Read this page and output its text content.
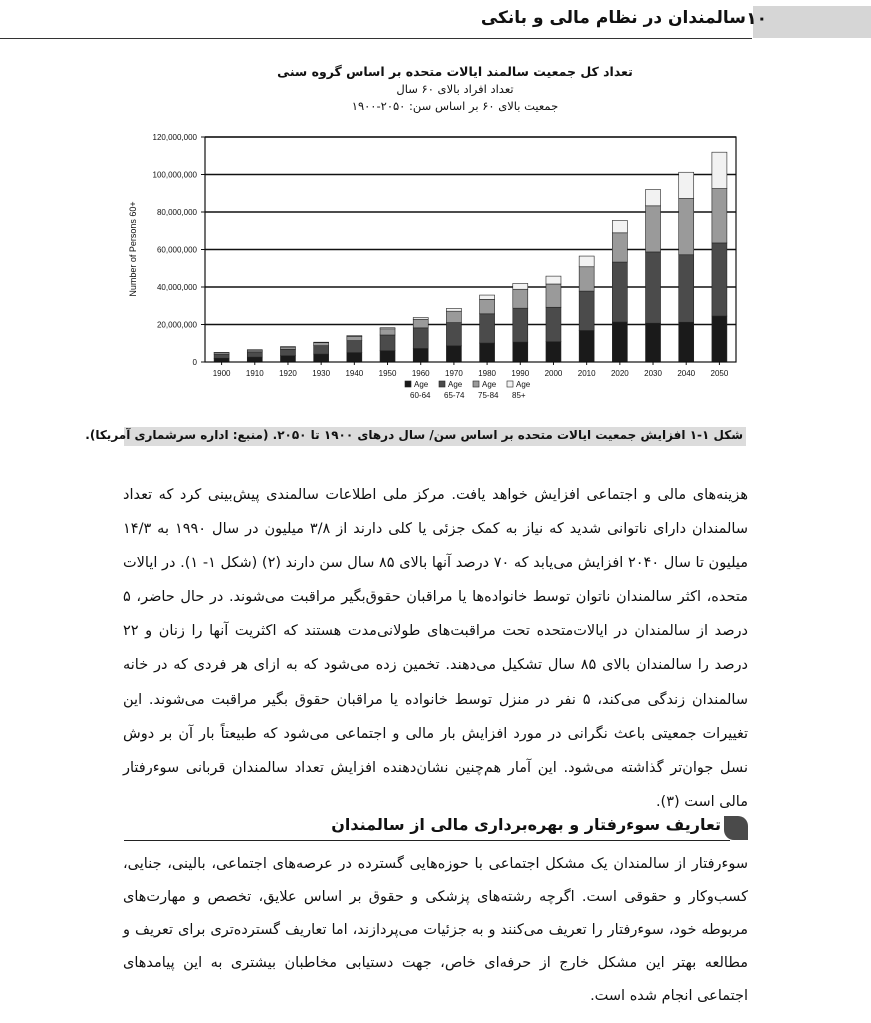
۱۰
سالمندان در نظام مالی و بانکی
تعداد کل جمعیت سالمند ایالات متحده بر اساس گروه سنی
تعداد افراد بالای ۶۰ سال
جمعیت بالای ۶۰ بر اساس سن: ۲۰۵۰-۱۹۰۰
0
20,000,000
40,000,000
60,000,000
80,000,000
100,000,000
120,000,000
1900 1910 1920 1930 1940 1950 1960 1970 1980 1990 2000 2010 2020 2030 2040 2050
Number of Persons 60+
Age
60-64
Age
65-74
Age
75-84
Age
85+
شکل ۱-۱ افزایش جمعیت ایالات متحده بر اساس سن/ سال درهای ۱۹۰۰ تا ۲۰۵۰. (منبع: اداره سرشماری آمریکا).
هزینه‌های مالی و اجتماعی افزایش خواهد یافت. مرکز ملی اطلاعات سالمندی پیش‌بینی کرد که تعداد سالمندان دارای ناتوانی شدید که نیاز به کمک جزئی یا کلی دارند از ۳/۸ میلیون در سال ۱۹۹۰ به ۱۴/۳ میلیون تا سال ۲۰۴۰ افزایش می‌یابد که ۷۰ درصد آنها بالای ۸۵ سال سن دارند (۲) (شکل ۱- ۱). در ایالات متحده، اکثر سالمندان ناتوان توسط خانواده‌ها یا مراقبان حقوق‌بگیر مراقبت می‌شوند. در حال حاضر، ۵ درصد از سالمندان در ایالات‌متحده تحت مراقبت‌های طولانی‌مدت هستند که اکثریت آنها را زنان و ۲۲ درصد را سالمندان بالای ۸۵ سال تشکیل می‌دهند. تخمین زده می‌شود که به ازای هر فردی که در خانه سالمندان زندگی می‌کند، ۵ نفر در منزل توسط خانواده یا مراقبان حقوق بگیر مراقبت می‌شوند. این تغییرات جمعیتی باعث نگرانی در مورد افزایش بار مالی و اجتماعی می‌شود که طبیعتاً بار آن بر دوش نسل جوان‌تر گذاشته می‌شود. این آمار هم‌چنین نشان‌دهنده افزایش تعداد سالمندان قربانی سوء‌رفتار مالی است (۳).
تعاریف سوء‌رفتار و بهره‌برداری مالی از سالمندان
سوء‌رفتار از سالمندان یک مشکل اجتماعی با حوزه‌هایی گسترده در عرصه‌های اجتماعی، بالینی، جنایی، کسب‌وکار و حقوقی است. اگرچه رشته‌های پزشکی و حقوق بر اساس علایق، تخصص و مهارت‌های مربوطه خود، سوء‌رفتار را تعریف می‌کنند و به جزئیات می‌پردازند، اما تعاریف گسترده‌تری برای تعریف و مطالعه بهتر این مشکل خارج از حرفه‌ای خاص، جهت دستیابی مخاطبان بیشتری به این پیامدهای اجتماعی انجام شده است.
